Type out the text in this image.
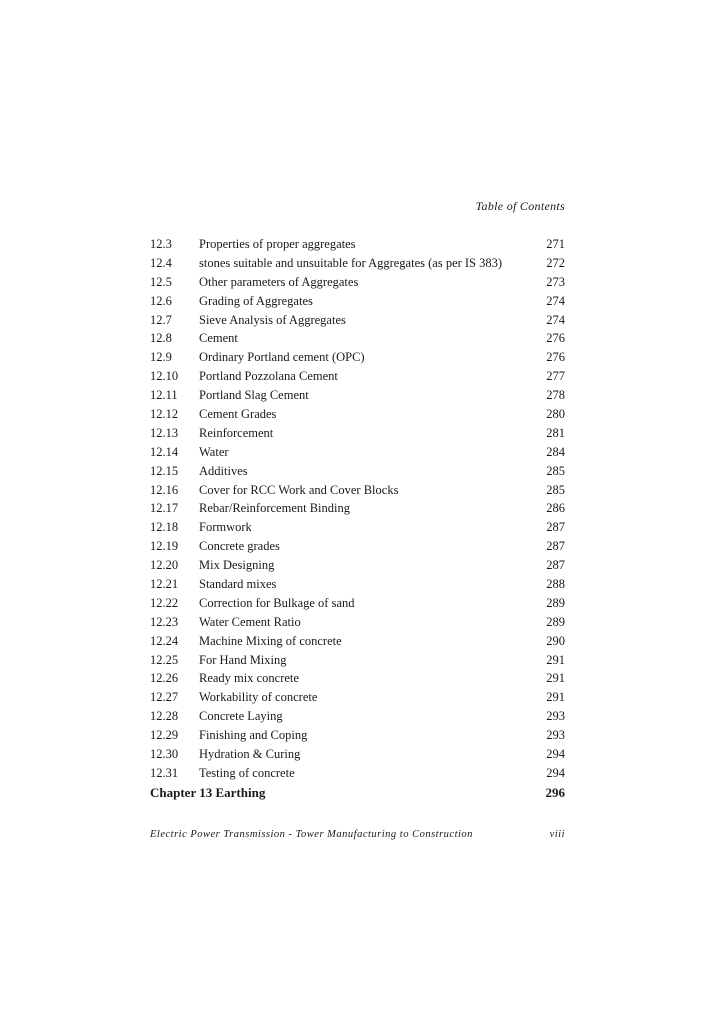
Table of Contents
12.3 Properties of proper aggregates	271
12.4 stones suitable and unsuitable for Aggregates (as per IS 383)	272
12.5 Other parameters of Aggregates	273
12.6 Grading of Aggregates	274
12.7 Sieve Analysis of Aggregates	274
12.8 Cement	276
12.9 Ordinary Portland cement (OPC)	276
12.10 Portland Pozzolana Cement	277
12.11 Portland Slag Cement	278
12.12 Cement Grades	280
12.13 Reinforcement	281
12.14 Water	284
12.15 Additives	285
12.16 Cover for RCC Work and Cover Blocks	285
12.17 Rebar/Reinforcement Binding	286
12.18 Formwork	287
12.19 Concrete grades	287
12.20 Mix Designing	287
12.21 Standard mixes	288
12.22 Correction for Bulkage of sand	289
12.23 Water Cement Ratio	289
12.24 Machine Mixing of concrete	290
12.25 For Hand Mixing	291
12.26 Ready mix concrete	291
12.27 Workability of concrete	291
12.28 Concrete Laying	293
12.29 Finishing and Coping	293
12.30 Hydration & Curing	294
12.31 Testing of concrete	294
Chapter 13 Earthing	296
Electric Power Transmission - Tower Manufacturing to Construction	viii
